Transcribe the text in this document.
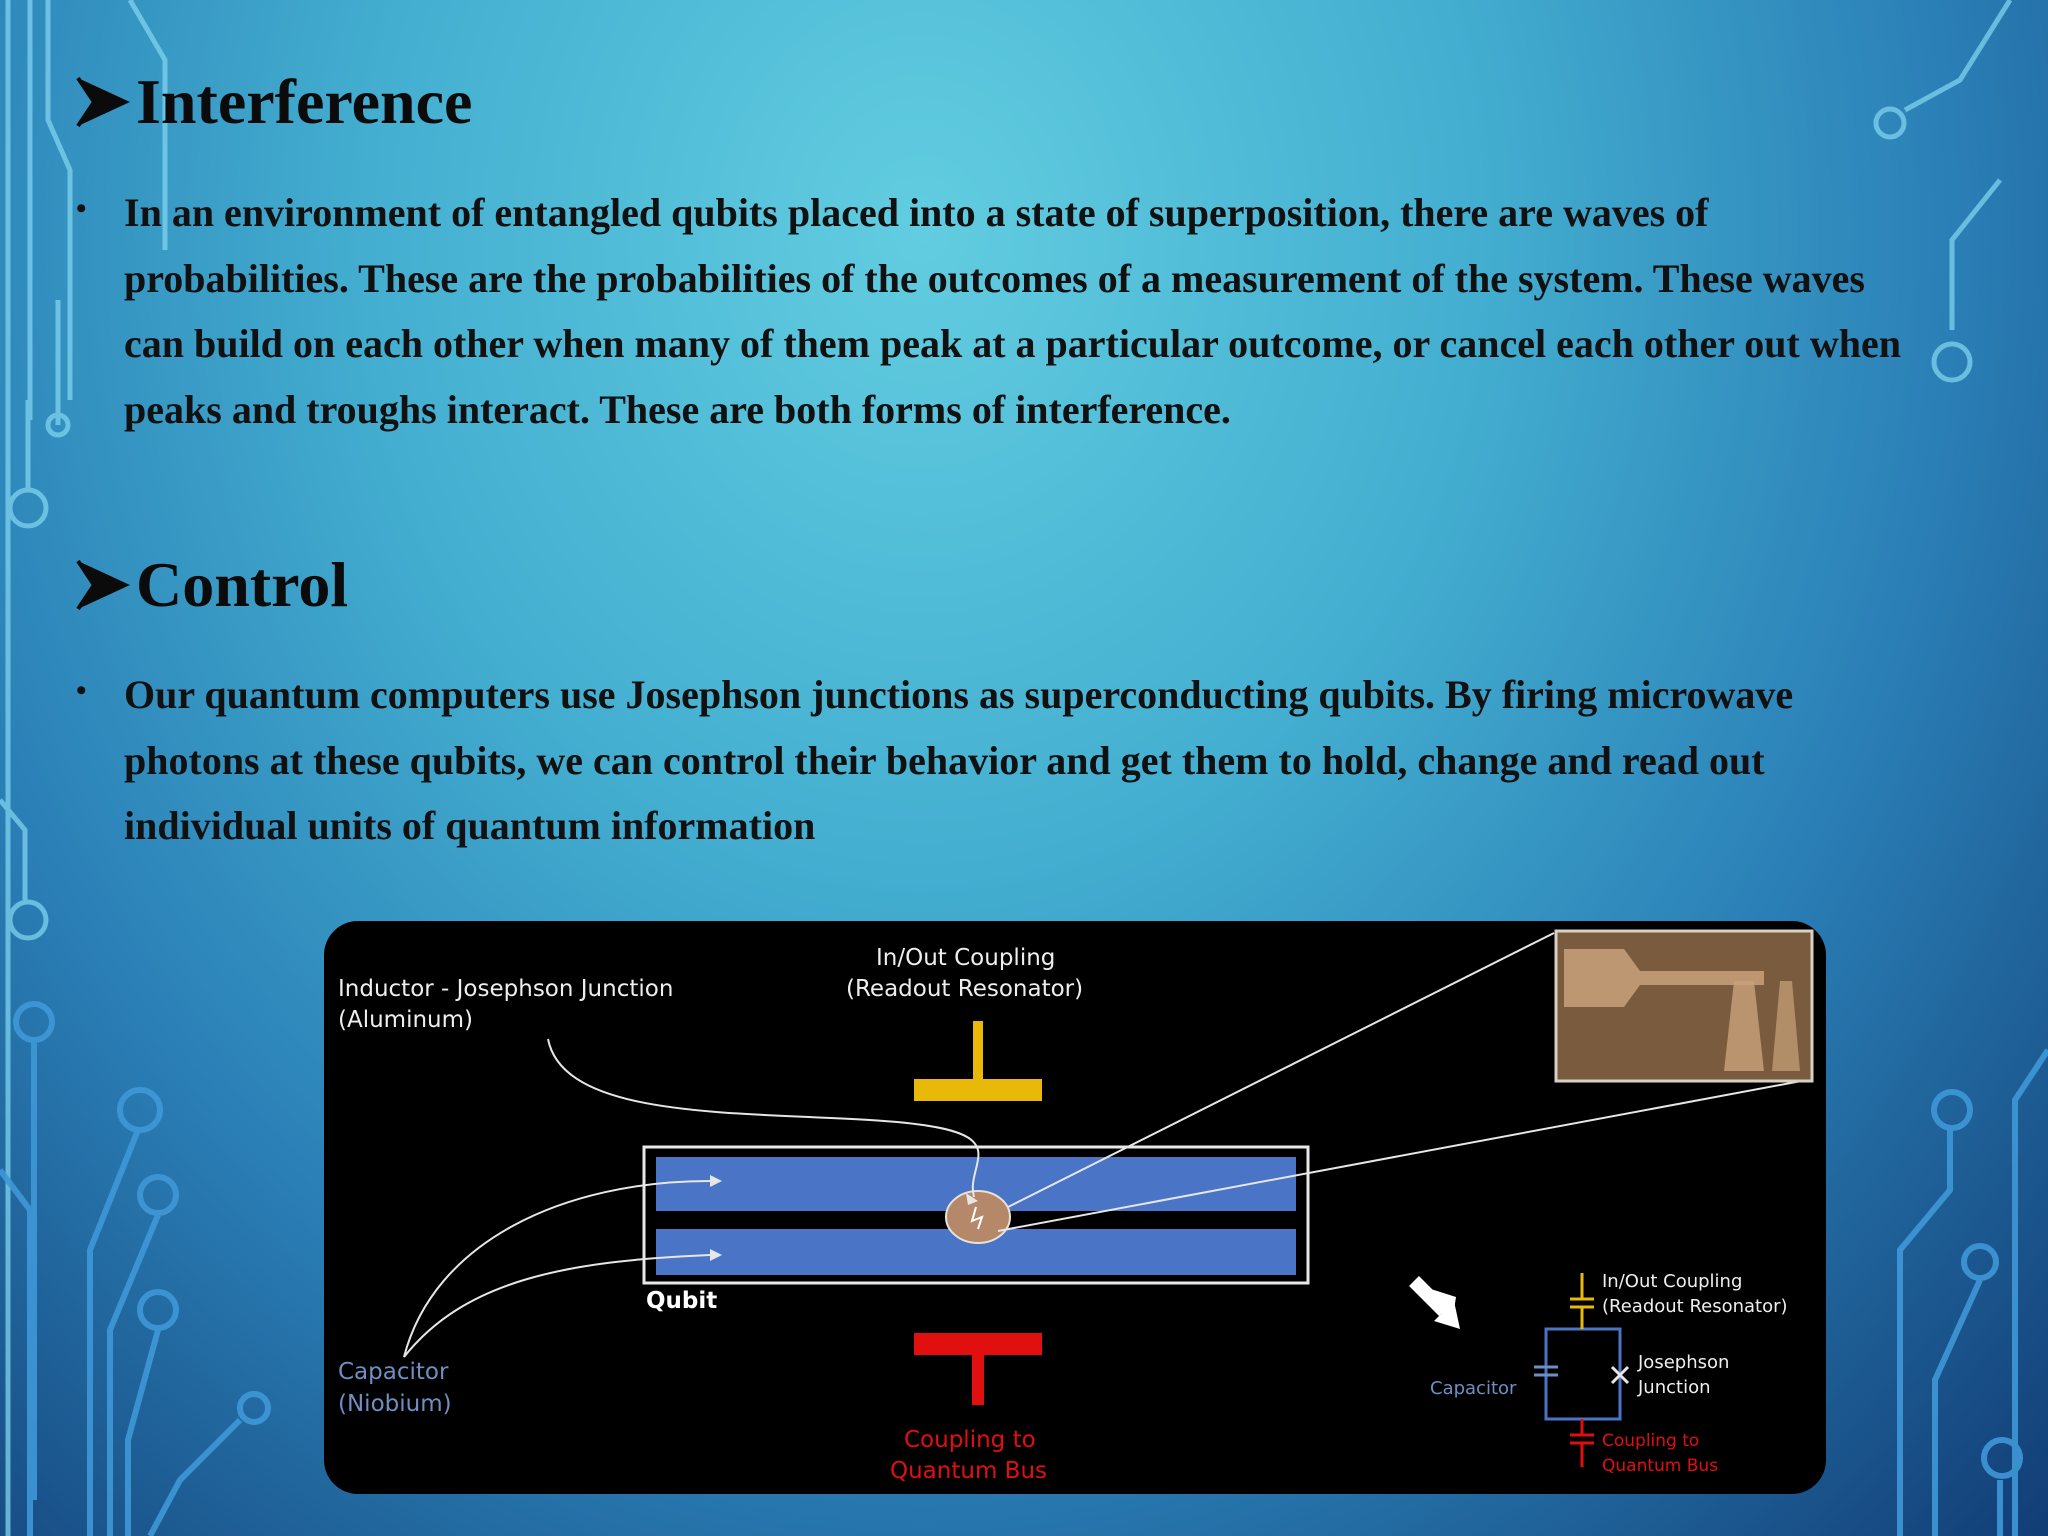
Interference
• In an environment of entangled qubits placed into a state of superposition, there are waves of probabilities. These are the probabilities of the outcomes of a measurement of the system. These waves can build on each other when many of them peak at a particular outcome, or cancel each other out when peaks and troughs interact. These are both forms of interference.
Control
• Our quantum computers use Josephson junctions as superconducting qubits. By firing microwave photons at these qubits, we can control their behavior and get them to hold, change and read out individual units of quantum information
Inductor - Josephson Junction
(Aluminum)
In/Out Coupling
(Readout Resonator)
Qubit
Capacitor
(Niobium)
Coupling to
Quantum Bus
In/Out Coupling
(Readout Resonator)
Capacitor
Josephson
Junction
Coupling to
Quantum Bus
